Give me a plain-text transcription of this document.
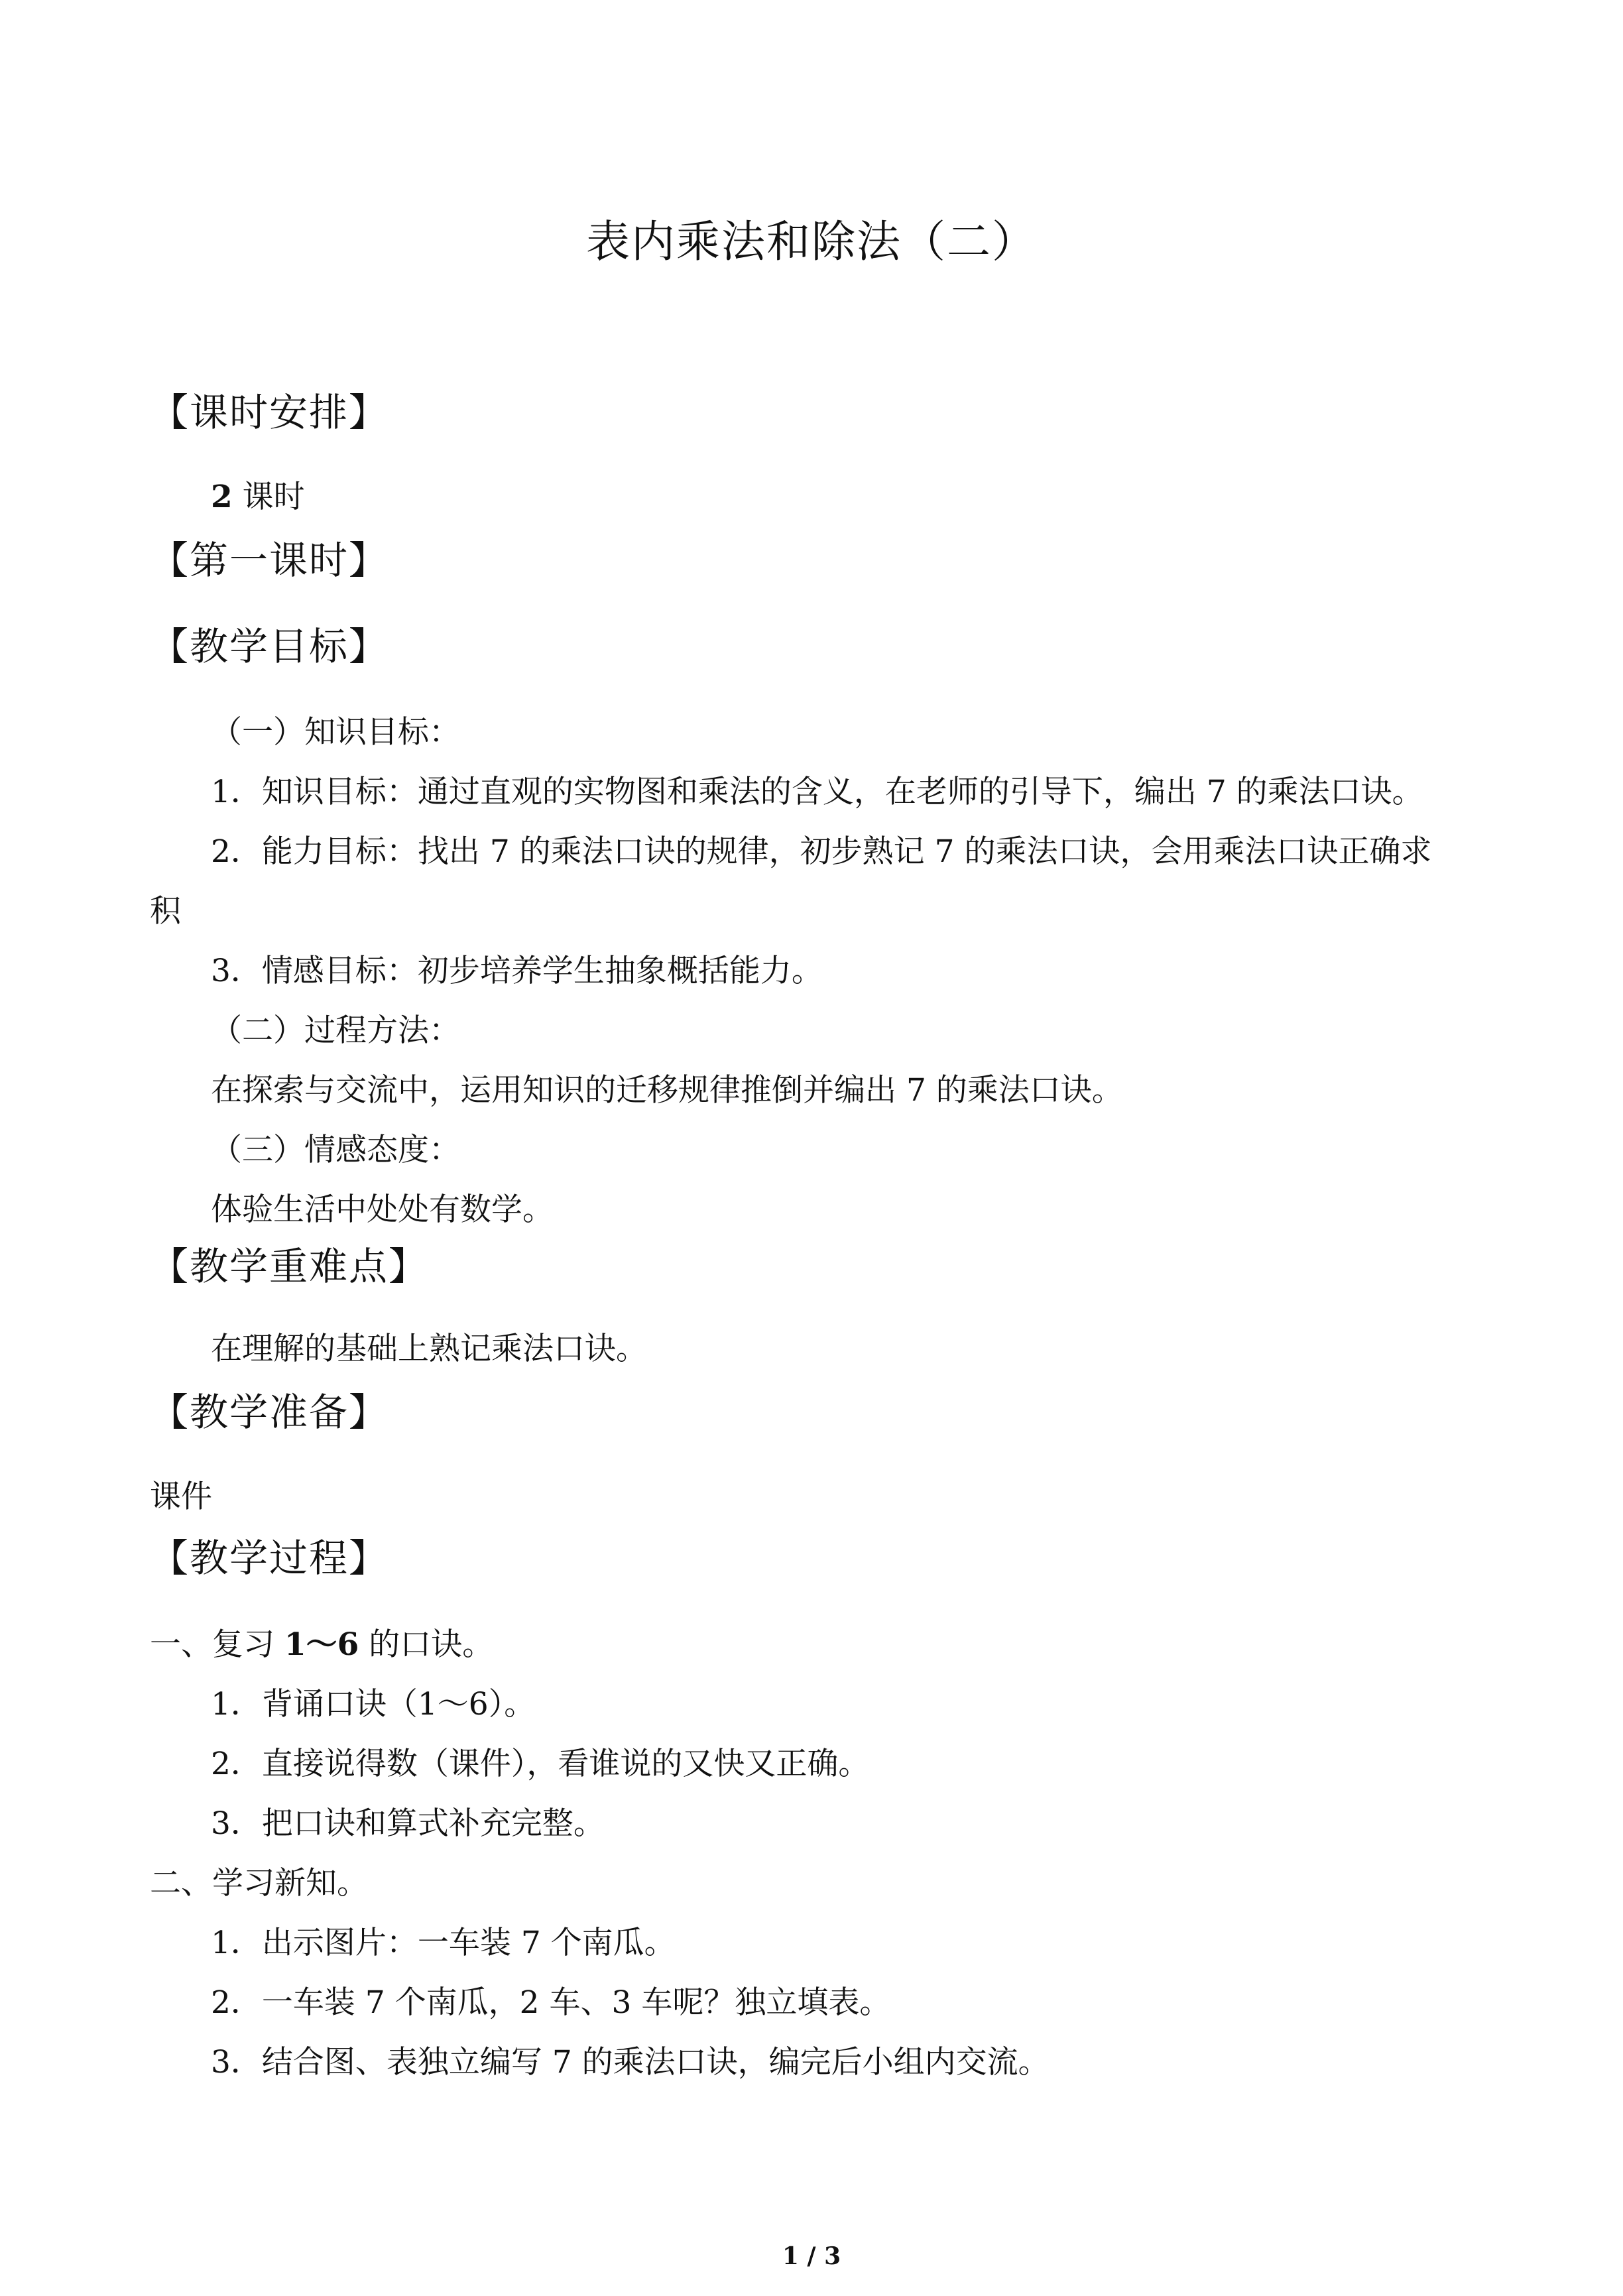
表内乘法和除法（二）
【课时安排】
2 课时
【第一课时】
【教学目标】
（一）知识目标：
1．知识目标：通过直观的实物图和乘法的含义，在老师的引导下，编出 7 的乘法口诀。
2．能力目标：找出 7 的乘法口诀的规律，初步熟记 7 的乘法口诀，会用乘法口诀正确求
积
3．情感目标：初步培养学生抽象概括能力。
（二）过程方法：
在探索与交流中，运用知识的迁移规律推倒并编出 7 的乘法口诀。
（三）情感态度：
体验生活中处处有数学。
【教学重难点】
在理解的基础上熟记乘法口诀。
【教学准备】
课件
【教学过程】
一、复习 1～6 的口诀。
1．背诵口诀（1～6）。
2．直接说得数（课件），看谁说的又快又正确。
3．把口诀和算式补充完整。
二、学习新知。
1．出示图片：一车装 7 个南瓜。
2．一车装 7 个南瓜，2 车、3 车呢？独立填表。
3．结合图、表独立编写 7 的乘法口诀，编完后小组内交流。
1 / 3
